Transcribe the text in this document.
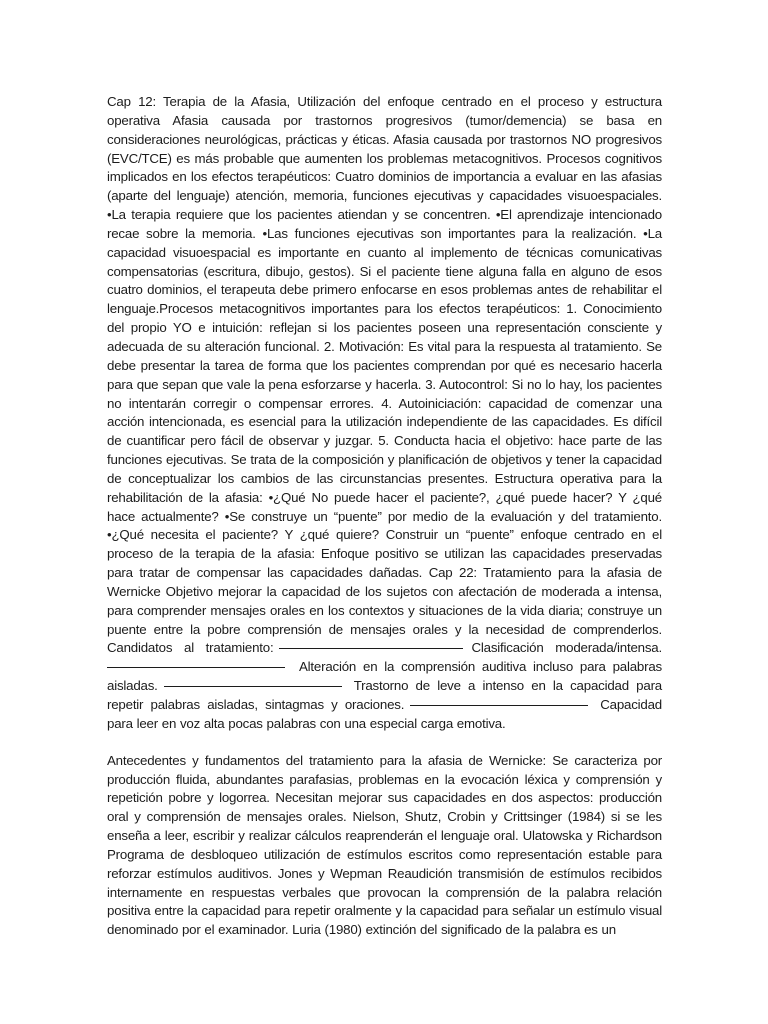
Cap 12: Terapia de la Afasia, Utilización del enfoque centrado en el proceso y estructura operativa Afasia causada por trastornos progresivos (tumor/demencia) se basa en consideraciones neurológicas, prácticas y éticas. Afasia causada por trastornos NO progresivos (EVC/TCE) es más probable que aumenten los problemas metacognitivos. Procesos cognitivos implicados en los efectos terapéuticos: Cuatro dominios de importancia a evaluar en las afasias (aparte del lenguaje) atención, memoria, funciones ejecutivas y capacidades visuoespaciales. •La terapia requiere que los pacientes atiendan y se concentren. •El aprendizaje intencionado recae sobre la memoria. •Las funciones ejecutivas son importantes para la realización. •La capacidad visuoespacial es importante en cuanto al implemento de técnicas comunicativas compensatorias (escritura, dibujo, gestos). Si el paciente tiene alguna falla en alguno de esos cuatro dominios, el terapeuta debe primero enfocarse en esos problemas antes de rehabilitar el lenguaje.Procesos metacognitivos importantes para los efectos terapéuticos: 1. Conocimiento del propio YO e intuición: reflejan si los pacientes poseen una representación consciente y adecuada de su alteración funcional. 2. Motivación: Es vital para la respuesta al tratamiento. Se debe presentar la tarea de forma que los pacientes comprendan por qué es necesario hacerla para que sepan que vale la pena esforzarse y hacerla. 3. Autocontrol: Si no lo hay, los pacientes no intentarán corregir o compensar errores. 4. Autoiniciación: capacidad de comenzar una acción intencionada, es esencial para la utilización independiente de las capacidades. Es difícil de cuantificar pero fácil de observar y juzgar. 5. Conducta hacia el objetivo: hace parte de las funciones ejecutivas. Se trata de la composición y planificación de objetivos y tener la capacidad de conceptualizar los cambios de las circunstancias presentes. Estructura operativa para la rehabilitación de la afasia: •¿Qué No puede hacer el paciente?, ¿qué puede hacer? Y ¿qué hace actualmente? •Se construye un “puente” por medio de la evaluación y del tratamiento. •¿Qué necesita el paciente? Y ¿qué quiere? Construir un “puente” enfoque centrado en el proceso de la terapia de la afasia: Enfoque positivo se utilizan las capacidades preservadas para tratar de compensar las capacidades dañadas. Cap 22: Tratamiento para la afasia de Wernicke Objetivo mejorar la capacidad de los sujetos con afectación de moderada a intensa, para comprender mensajes orales en los contextos y situaciones de la vida diaria; construye un puente entre la pobre comprensión de mensajes orales y la necesidad de comprenderlos. Candidatos al tratamiento:	Clasificación moderada/intensa. Alteración en la comprensión auditiva incluso para palabras aisladas.	Trastorno de leve a intenso en la capacidad para repetir palabras aisladas, sintagmas y oraciones.	Capacidad para leer en voz alta pocas palabras con una especial carga emotiva.

Antecedentes y fundamentos del tratamiento para la afasia de Wernicke: Se caracteriza por producción fluida, abundantes parafasias, problemas en la evocación léxica y comprensión y repetición pobre y logorrea. Necesitan mejorar sus capacidades en dos aspectos: producción oral y comprensión de mensajes orales. Nielson, Shutz, Crobin y Crittsinger (1984) si se les enseña a leer, escribir y realizar cálculos reaprenderán el lenguaje oral. Ulatowska y Richardson Programa de desbloqueo utilización de estímulos escritos como representación estable para reforzar estímulos auditivos. Jones y Wepman Reaudición transmisión de estímulos recibidos internamente en respuestas verbales que provocan la comprensión de la palabra relación positiva entre la capacidad para repetir oralmente y la capacidad para señalar un estímulo visual denominado por el examinador. Luria (1980) extinción del significado de la palabra es un
